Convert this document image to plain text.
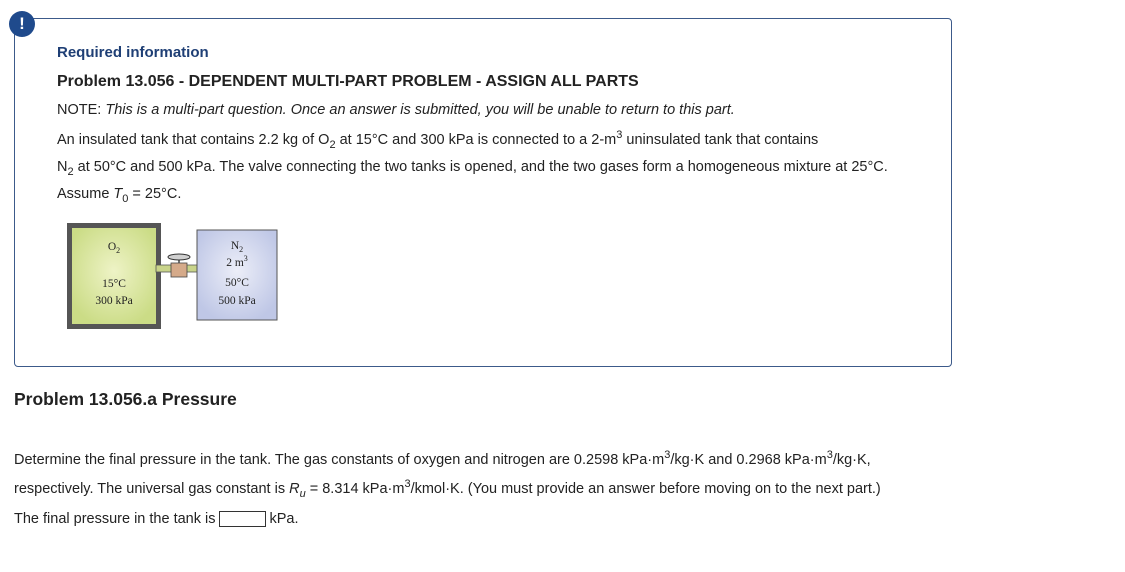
!
Required information
Problem 13.056 - DEPENDENT MULTI-PART PROBLEM - ASSIGN ALL PARTS
NOTE: This is a multi-part question. Once an answer is submitted, you will be unable to return to this part.
An insulated tank that contains 2.2 kg of $O_2$ at 15°C and 300 kPa is connected to a $2-m^3$ uninsulated tank that contains
$N_2$ at 50°C and 500 kPa. The valve connecting the two tanks is opened, and the two gases form a homogeneous mixture at 25°C. Assume $T_0 = 25^\circ C$.
$O_2$
15°C
300 kPa
$N_2$
2 $m^3$
50°C
500 kPa
Problem 13.056.a Pressure
Determine the final pressure in the tank. The gas constants of oxygen and nitrogen are 0.2598 $kPa\cdot m^3/kg\cdot K$ and 0.2968 $kPa\cdot m^3/kg\cdot K$,
respectively. The universal gas constant is $R_u = 8.314$ $kPa\cdot m^3/kmol\cdot K$. (You must provide an answer before moving on to the next part.)
The final pressure in the tank is	kPa.
